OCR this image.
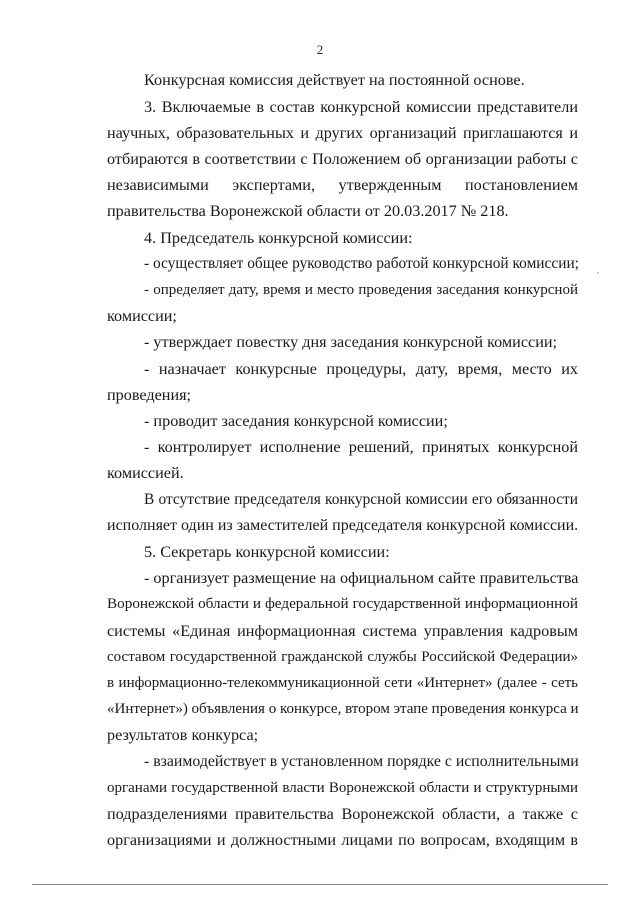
2
Конкурсная комиссия действует на постоянной основе.
3. Включаемые в состав конкурсной комиссии представители
научных, образовательных и других организаций приглашаются и
отбираются в соответствии с Положением об организации работы с
независимыми экспертами, утвержденным постановлением
правительства Воронежской области от 20.03.2017 № 218.
4. Председатель конкурсной комиссии:
- осуществляет общее руководство работой конкурсной комиссии;
- определяет дату, время и место проведения заседания конкурсной
комиссии;
- утверждает повестку дня заседания конкурсной комиссии;
- назначает конкурсные процедуры, дату, время, место их
проведения;
- проводит заседания конкурсной комиссии;
- контролирует исполнение решений, принятых конкурсной
комиссией.
В отсутствие председателя конкурсной комиссии его обязанности
исполняет один из заместителей председателя конкурсной комиссии.
5. Секретарь конкурсной комиссии:
- организует размещение на официальном сайте правительства
Воронежской области и федеральной государственной информационной
системы «Единая информационная система управления кадровым
составом государственной гражданской службы Российской Федерации»
в информационно-телекоммуникационной сети «Интернет» (далее - сеть
«Интернет») объявления о конкурсе, втором этапе проведения конкурса и
результатов конкурса;
- взаимодействует в установленном порядке с исполнительными
органами государственной власти Воронежской области и структурными
подразделениями правительства Воронежской области, а также с
организациями и должностными лицами по вопросам, входящим в
